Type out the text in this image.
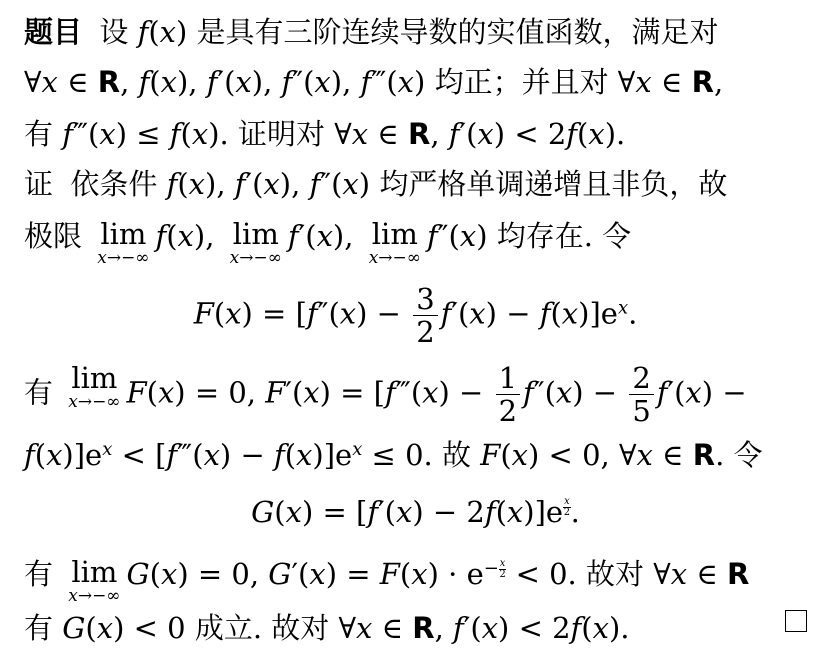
题目 设 f(x) 是具有三阶连续导数的实值函数，满足对
∀x ∈ R, f(x), f′(x), f″(x), f‴(x) 均正；并且对 ∀x ∈ R,
有 f‴(x) ≤ f(x). 证明对 ∀x ∈ R, f′(x) < 2f(x).
证 依条件 f(x), f′(x), f″(x) 均严格单调递增且非负，故
极限 lim
x→−∞
f(x), lim
x→−∞
f′(x), lim
x→−∞
f″(x) 均存在. 令
$F(x) = [f''(x) - \frac{3}{2} f'(x) - f(x)]e^x$.
有 lim
x→−∞ F(x) = 0, F′(x) = [f‴(x) − $\frac{1}{2} f''(x) - \frac{2}{5} f'(x)$ −
$f(x)]e^x$ < [f‴(x) − $f(x)]e^x \le 0$. 故 F(x) < 0, ∀x ∈ R. 令
G(x) = [f′(x) − 2f(x)]e $^{\frac{x}{2}}$ .
有 lim
x→−∞
G(x) = 0, $G'(x) = F(x) \cdot e^{- \frac{x}{2}} < 0$. 故对 ∀x ∈ R
有 G(x) < 0 成立. 故对 ∀x ∈ R, f′(x) < 2f(x).
